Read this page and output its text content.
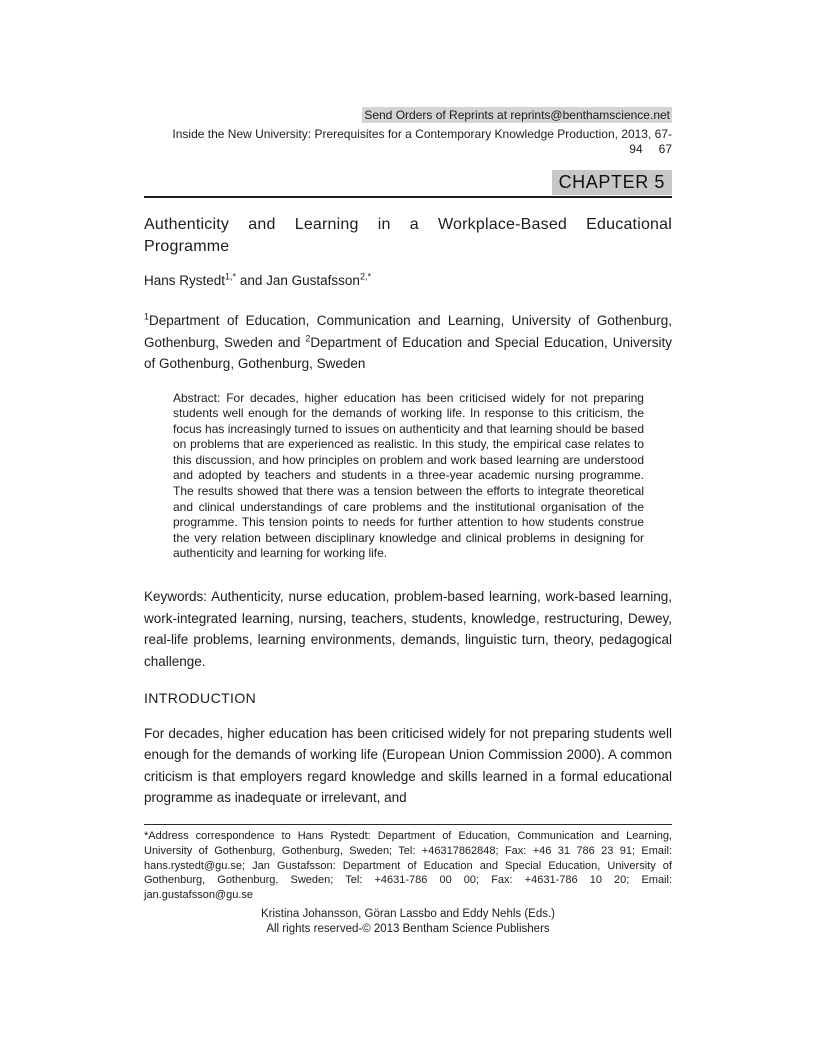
Send Orders of Reprints at reprints@benthamscience.net
Inside the New University: Prerequisites for a Contemporary Knowledge Production, 2013, 67-94 67
CHAPTER 5
Authenticity and Learning in a Workplace-Based Educational Programme

Hans Rystedt$^{1,*}$ and Jan Gustafsson$^{2,*}$

$^1$Department of Education, Communication and Learning, University of Gothenburg, Gothenburg, Sweden and $^2$Department of Education and Special Education, University of Gothenburg, Gothenburg, Sweden

Abstract: For decades, higher education has been criticised widely for not preparing students well enough for the demands of working life. In response to this criticism, the focus has increasingly turned to issues on authenticity and that learning should be based on problems that are experienced as realistic. In this study, the empirical case relates to this discussion, and how principles on problem and work based learning are understood and adopted by teachers and students in a three-year academic nursing programme. The results showed that there was a tension between the efforts to integrate theoretical and clinical understandings of care problems and the institutional organisation of the programme. This tension points to needs for further attention to how students construe the very relation between disciplinary knowledge and clinical problems in designing for authenticity and learning for working life.

Keywords: Authenticity, nurse education, problem-based learning, work-based learning, work-integrated learning, nursing, teachers, students, knowledge, restructuring, Dewey, real-life problems, learning environments, demands, linguistic turn, theory, pedagogical challenge.

INTRODUCTION

For decades, higher education has been criticised widely for not preparing students well enough for the demands of working life (European Union Commission 2000). A common criticism is that employers regard knowledge and skills learned in a formal educational programme as inadequate or irrelevant, and

*Address correspondence to Hans Rystedt: Department of Education, Communication and Learning, University of Gothenburg, Gothenburg, Sweden; Tel: +46317862848; Fax: +46 31 786 23 91; Email: hans.rystedt@gu.se; Jan Gustafsson: Department of Education and Special Education, University of Gothenburg, Gothenburg, Sweden; Tel: +4631-786 00 00; Fax: +4631-786 10 20; Email: jan.gustafsson@gu.se

Kristina Johansson, Göran Lassbo and Eddy Nehls (Eds.)
All rights reserved-© 2013 Bentham Science Publishers
